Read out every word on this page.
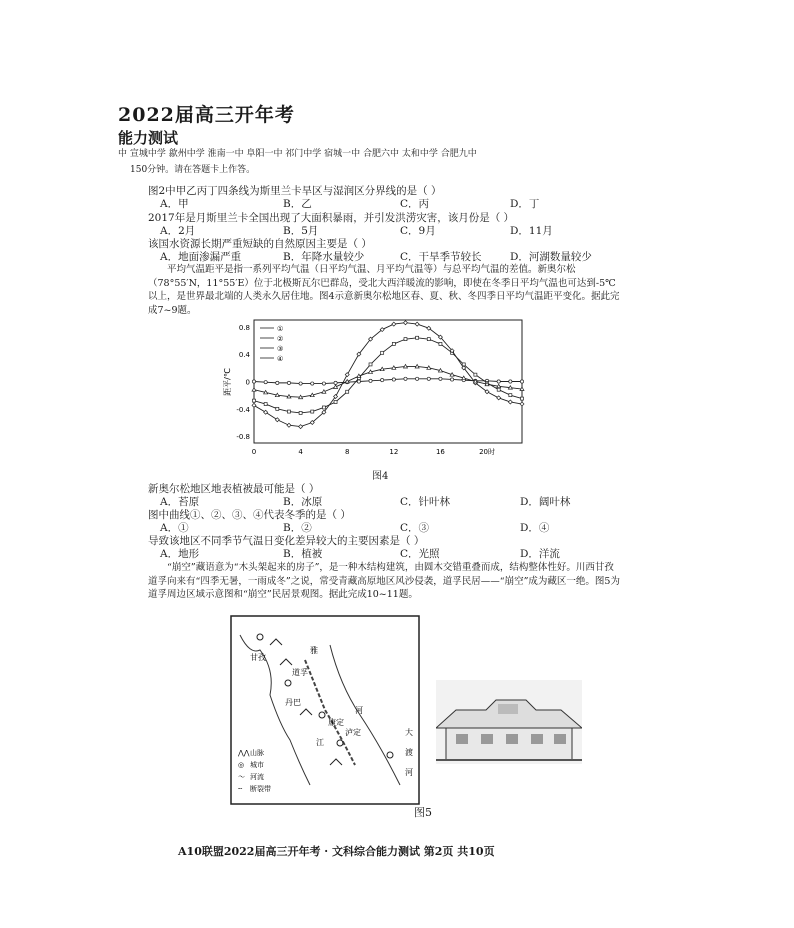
2022届高三开年考
能力测试
中 宣城中学 歙州中学 淮南一中 阜阳一中 祁门中学 宿城一中 合肥六中 太和中学 合肥九中
150分钟。请在答题卡上作答。
图2中甲乙丙丁四条线为斯里兰卡旱区与湿润区分界线的是（ ）
A．甲	B．乙	C．丙	D．丁
2017年是月斯里兰卡全国出现了大面积暴雨，并引发洪涝灾害，该月份是（ ）
A．2月	B．5月	C．9月	D．11月
该国水资源长期严重短缺的自然原因主要是（ ）
A．地面渗漏严重	B．年降水量较少	C．干旱季节较长	D．河湖数量较少
平均气温距平是指一系列平均气温（日平均气温、月平均气温等）与总平均气温的差值。新奥尔松（78°55′N，11°55′E）位于北极斯瓦尔巴群岛，受北大西洋暖流的影响，即使在冬季日平均气温也可达到-5℃以上，是世界最北端的人类永久居住地。图4示意新奥尔松地区春、夏、秋、冬四季日平均气温距平变化。据此完成7~9题。
距平/℃
-0.8
-0.4
0
0.4
0.8
0	4	8	12	16	20时
①
②
③
④
图4
新奥尔松地区地表植被最可能是（ ）
A．苔原	B．冰原	C．针叶林	D．阔叶林
图中曲线①、②、③、④代表冬季的是（ ）
A．①	B．②	C．③	D．④
导致该地区不同季节气温日变化差异较大的主要因素是（ ）
A．地形	B．植被	C．光照	D．洋流
“崩空”藏语意为“木头架起来的房子”，是一种木结构建筑，由圆木交错重叠而成，结构整体性好。川西甘孜道孚向来有“四季无暑，一雨成冬”之说，常受青藏高原地区风沙侵袭，道孚民居——“崩空”成为藏区一绝。图5为道孚周边区域示意图和“崩空”民居景观图。据此完成10~11题。
道孚
甘孜
丹巴
泸定
康定
雅
江
河
大
渡
河
⋀⋀ 山脉
◎ 城市
〜 河流
╌ 断裂带
图5
A10联盟2022届高三开年考 · 文科综合能力测试 第2页 共10页
